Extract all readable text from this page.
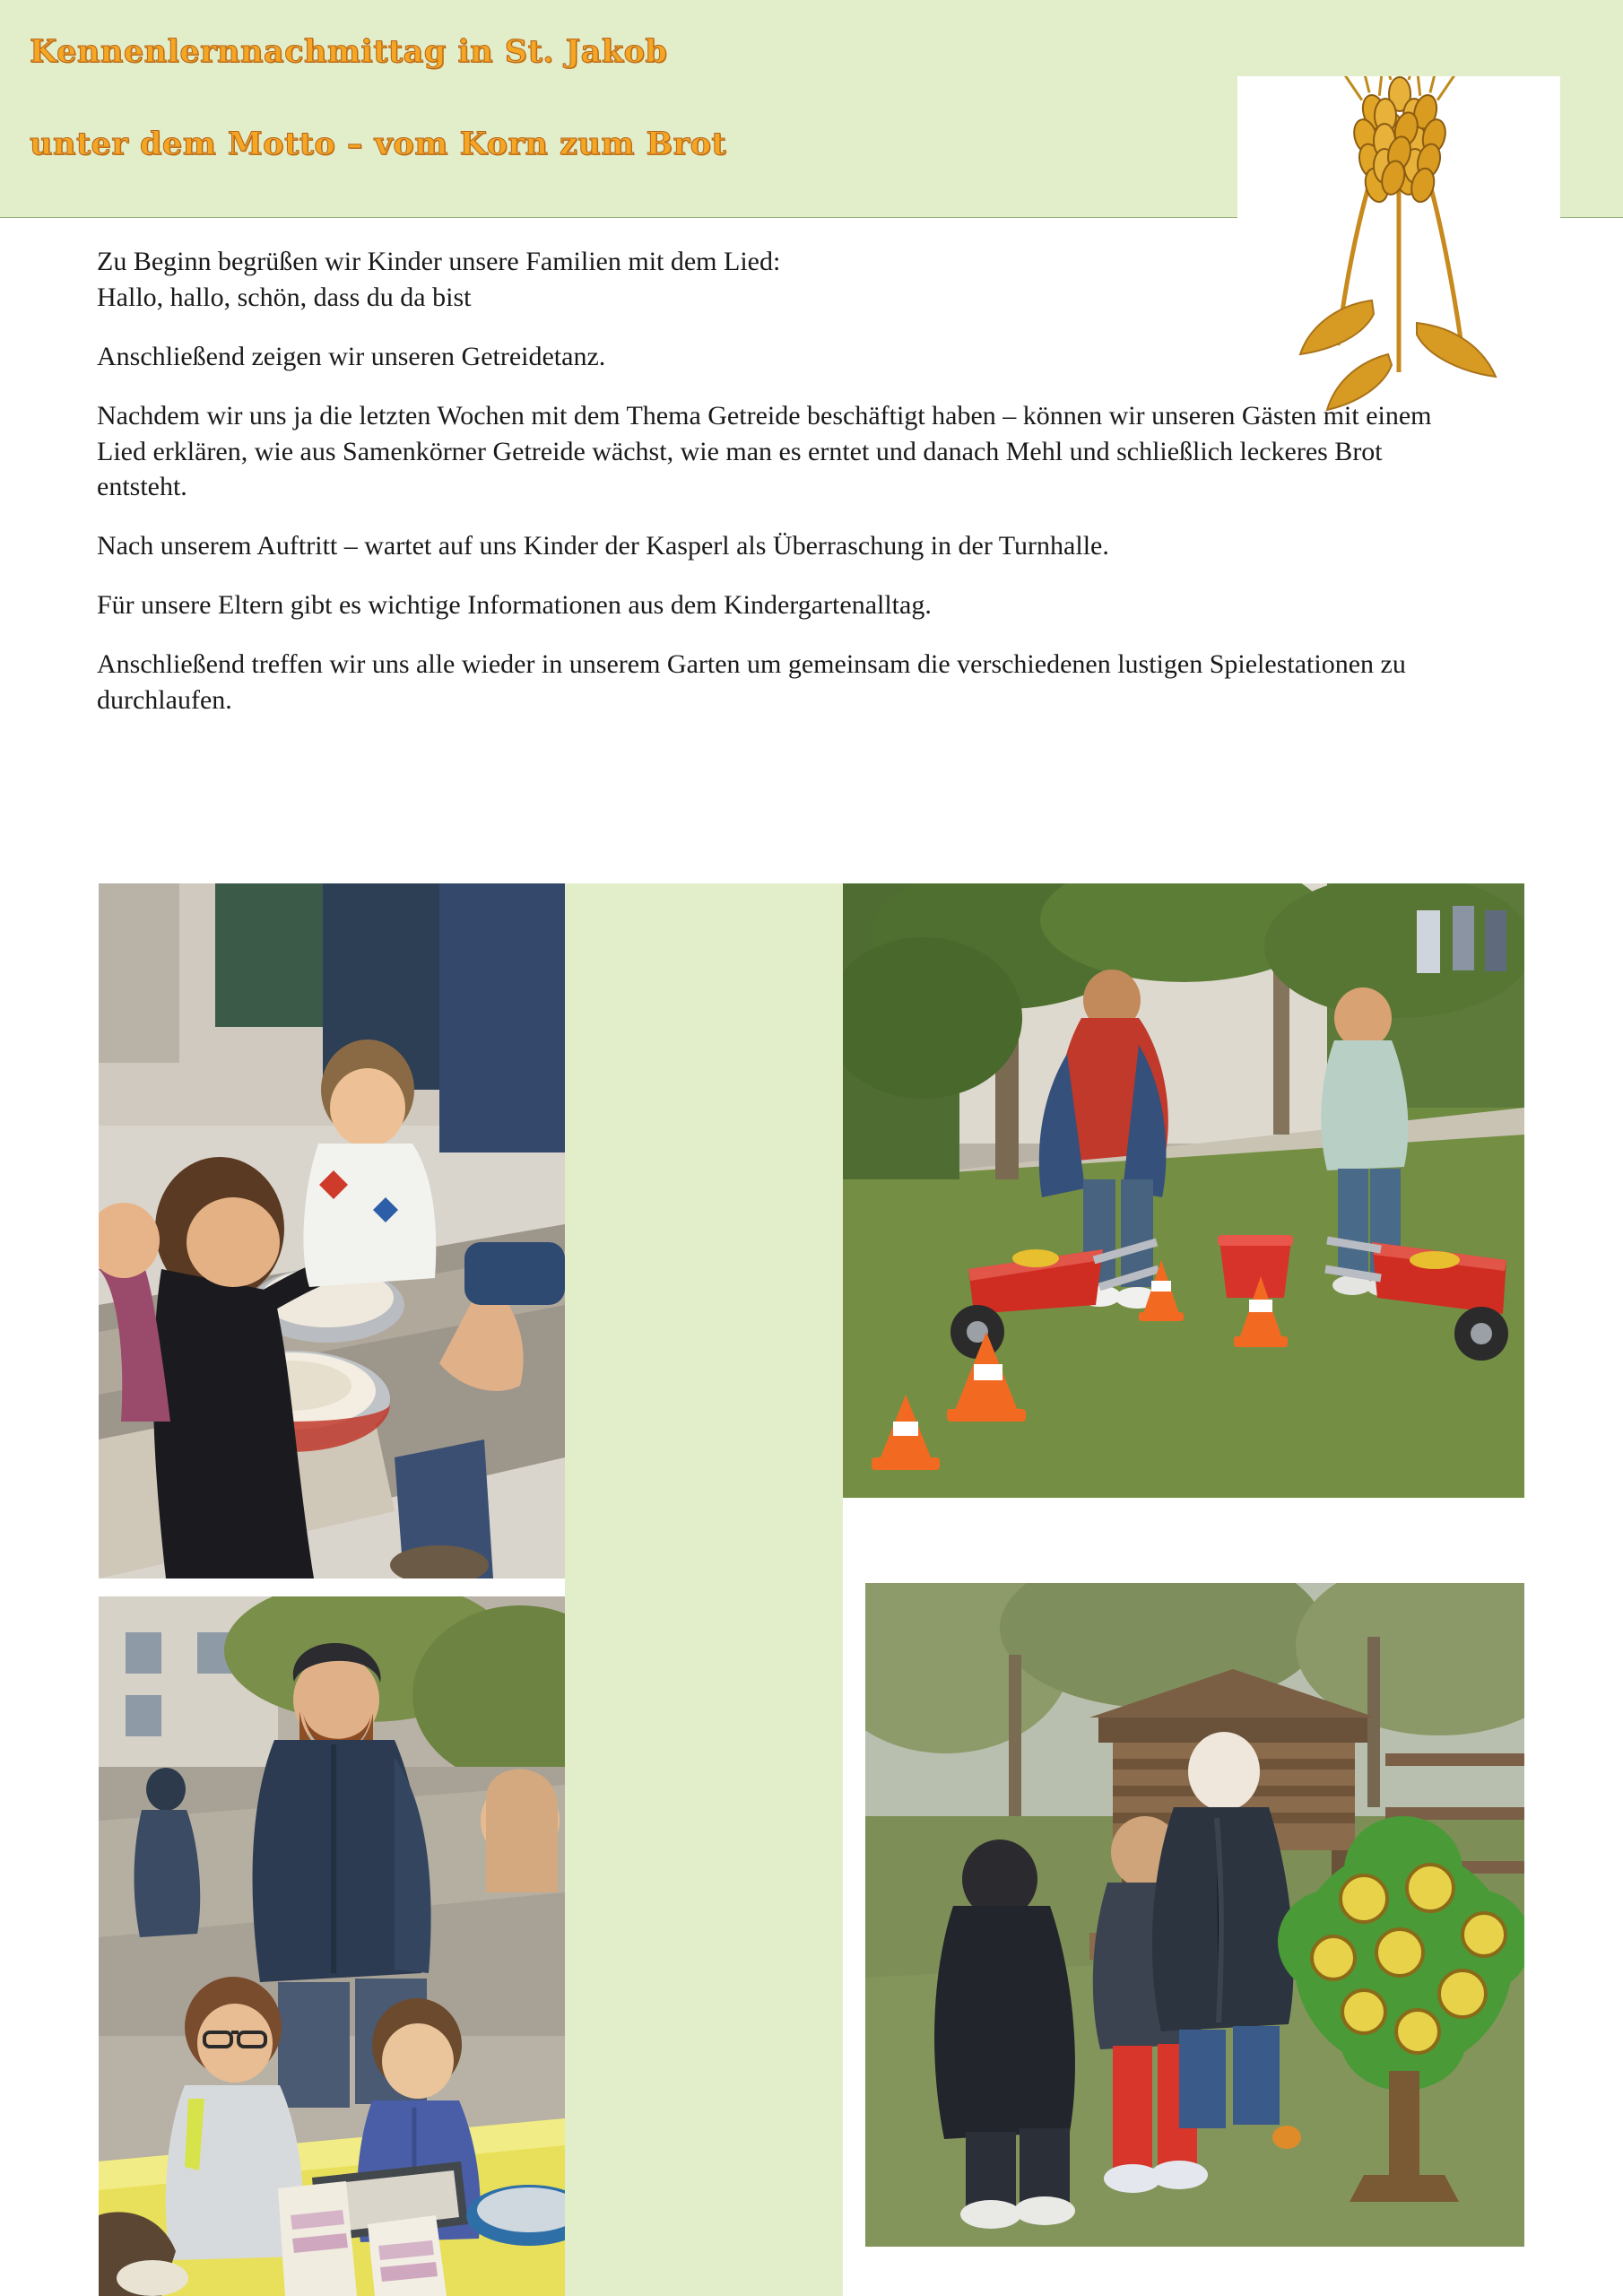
Kennenlernnachmittag in St. Jakob
unter dem Motto – vom Korn zum Brot

Zu Beginn begrüßen wir Kinder unsere Familien mit dem Lied:
Hallo, hallo, schön, dass du da bist

Anschließend zeigen wir unseren Getreidetanz.

Nachdem wir uns ja die letzten Wochen mit dem Thema Getreide beschäftigt haben – können wir unseren Gästen mit einem Lied erklären, wie aus Samenkörner Getreide wächst, wie man es erntet und danach Mehl und schließlich leckeres Brot entsteht.

Nach unserem Auftritt – wartet auf uns Kinder der Kasperl als Überraschung in der Turnhalle.

Für unsere Eltern gibt es wichtige Informationen aus dem Kindergartenalltag.

Anschließend treffen wir uns alle wieder in unserem Garten um gemeinsam die verschiedenen lustigen Spielestationen zu durchlaufen.
